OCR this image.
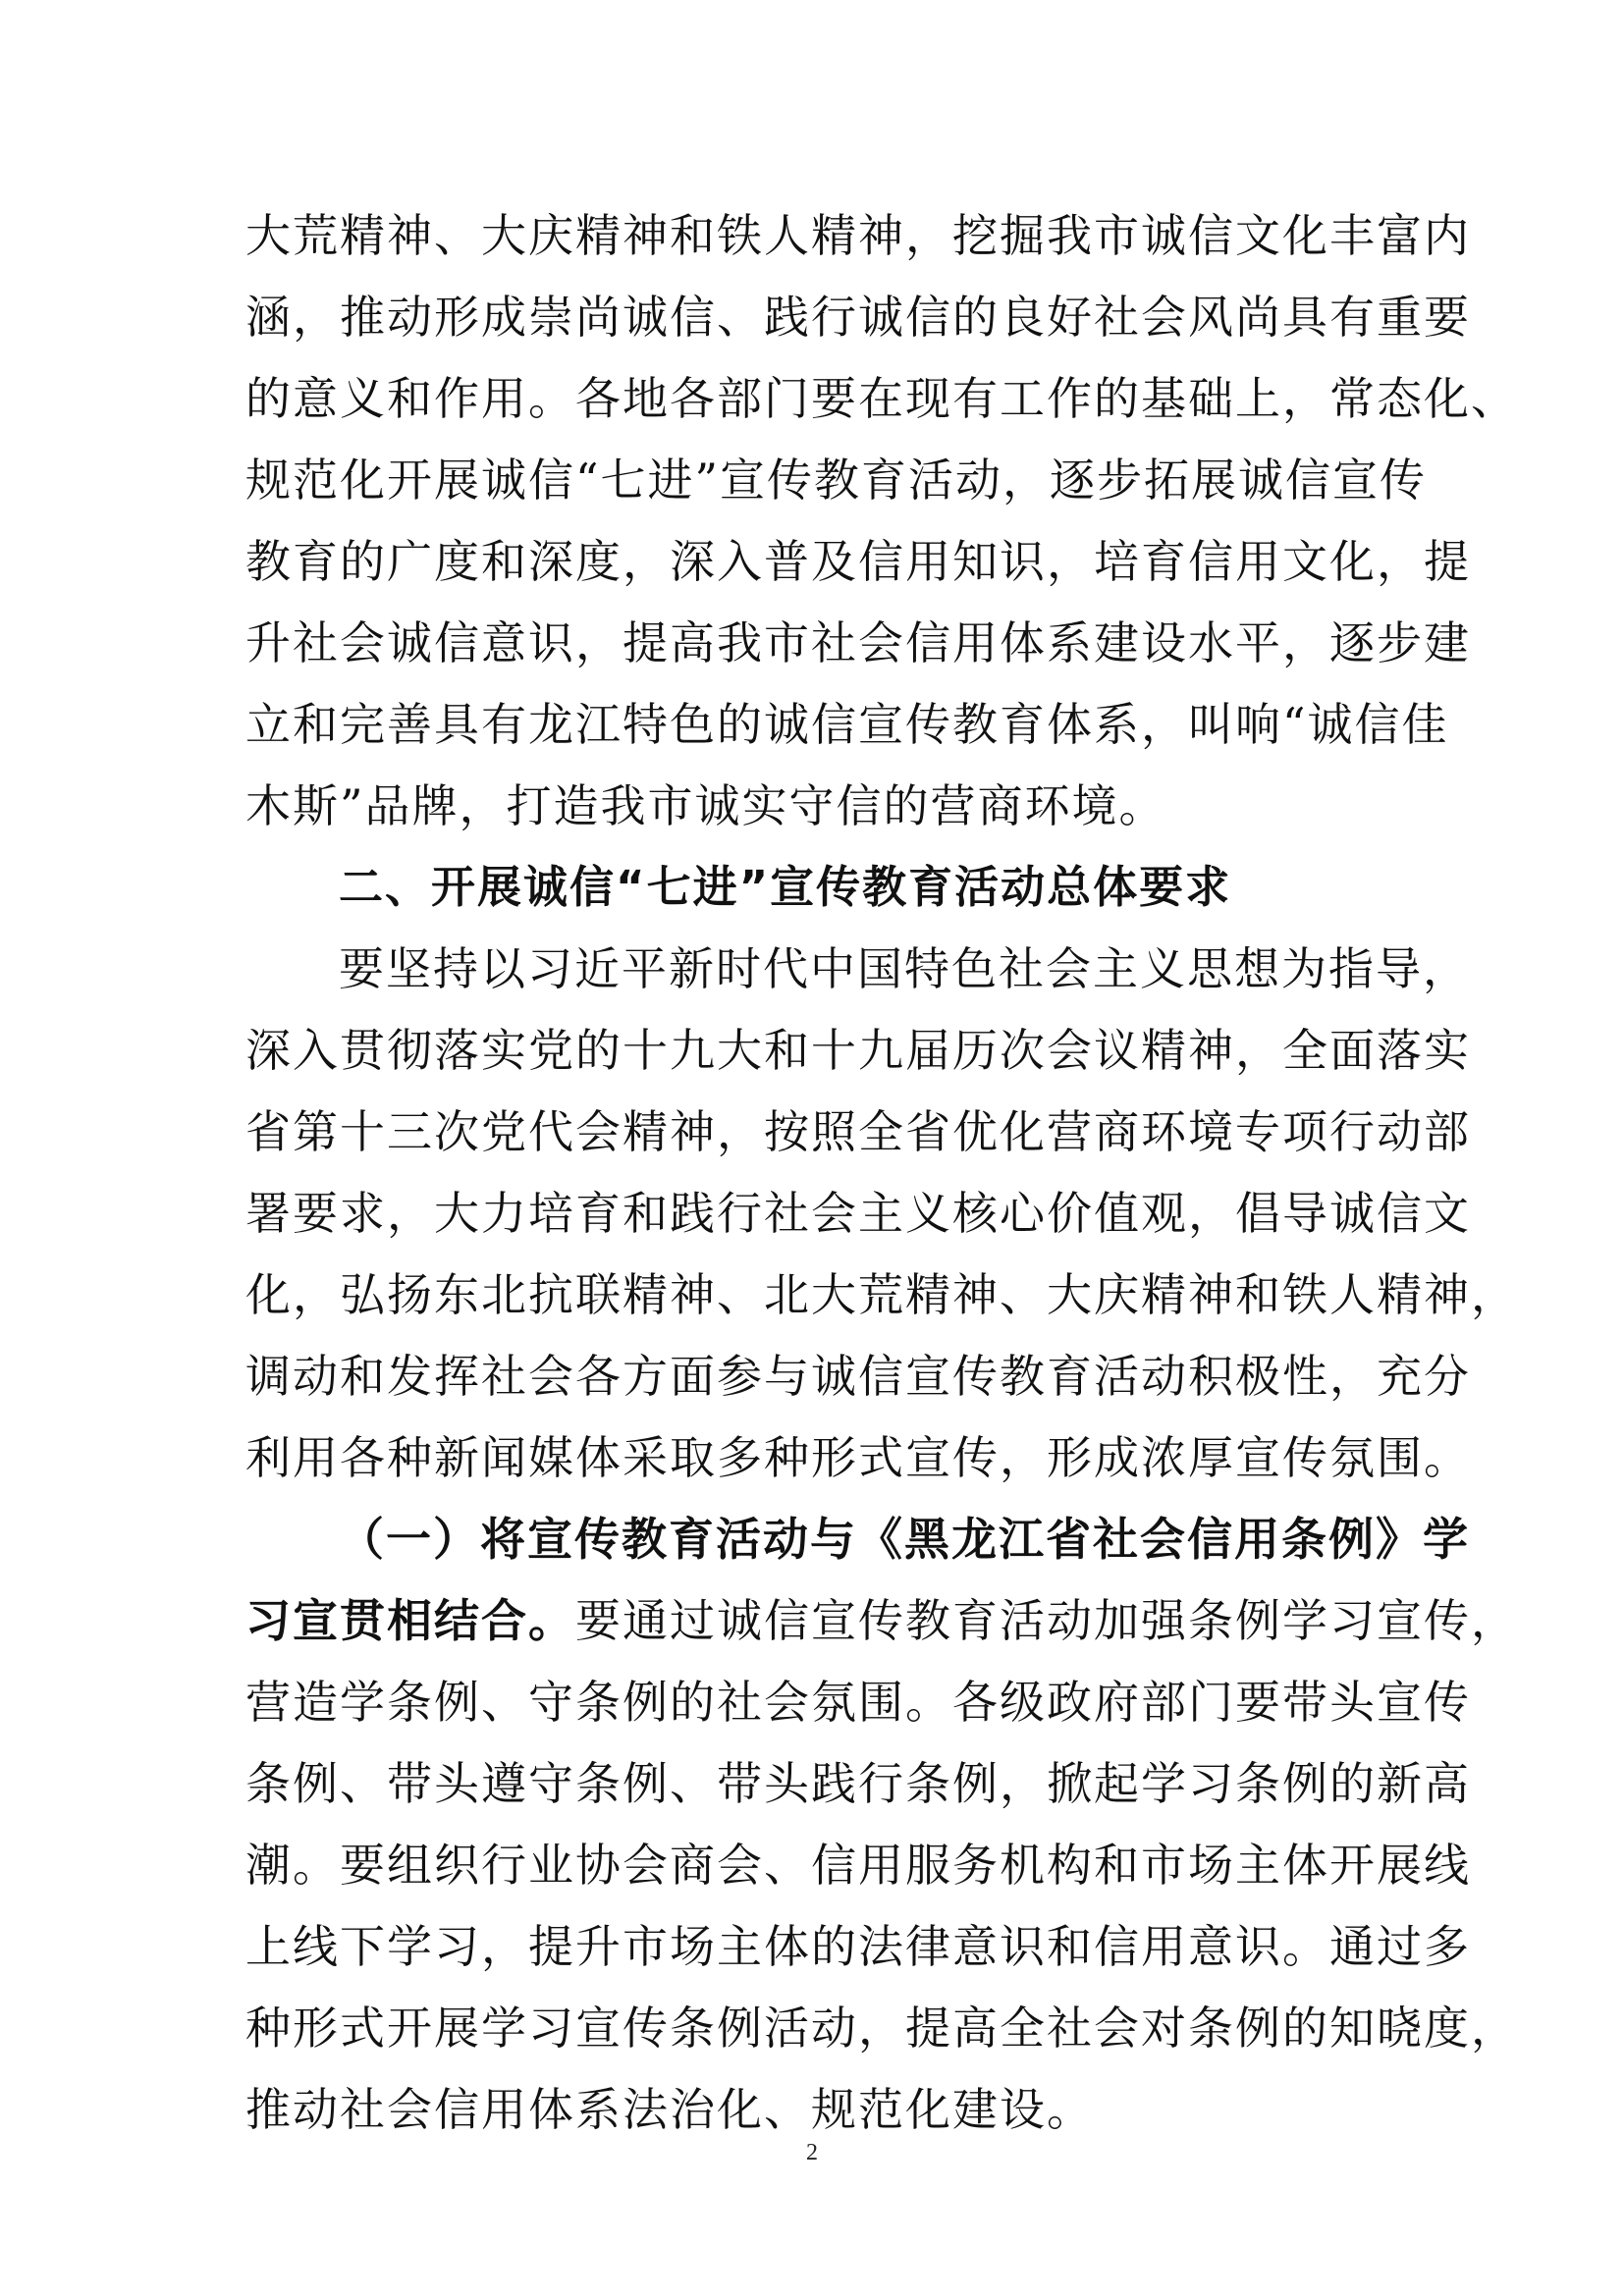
大荒精神、大庆精神和铁人精神，挖掘我市诚信文化丰富内
涵，推动形成崇尚诚信、践行诚信的良好社会风尚具有重要
的意义和作用。各地各部门要在现有工作的基础上，常态化、
规范化开展诚信“七进”宣传教育活动，逐步拓展诚信宣传
教育的广度和深度，深入普及信用知识，培育信用文化，提
升社会诚信意识，提高我市社会信用体系建设水平，逐步建
立和完善具有龙江特色的诚信宣传教育体系，叫响“诚信佳
木斯”品牌，打造我市诚实守信的营商环境。
二、开展诚信“七进”宣传教育活动总体要求
要坚持以习近平新时代中国特色社会主义思想为指导，
深入贯彻落实党的十九大和十九届历次会议精神，全面落实
省第十三次党代会精神，按照全省优化营商环境专项行动部
署要求，大力培育和践行社会主义核心价值观，倡导诚信文
化，弘扬东北抗联精神、北大荒精神、大庆精神和铁人精神，
调动和发挥社会各方面参与诚信宣传教育活动积极性，充分
利用各种新闻媒体采取多种形式宣传，形成浓厚宣传氛围。
（一）将宣传教育活动与《黑龙江省社会信用条例》学
习宣贯相结合。要通过诚信宣传教育活动加强条例学习宣传，
营造学条例、守条例的社会氛围。各级政府部门要带头宣传
条例、带头遵守条例、带头践行条例，掀起学习条例的新高
潮。要组织行业协会商会、信用服务机构和市场主体开展线
上线下学习，提升市场主体的法律意识和信用意识。通过多
种形式开展学习宣传条例活动，提高全社会对条例的知晓度，
推动社会信用体系法治化、规范化建设。
2
